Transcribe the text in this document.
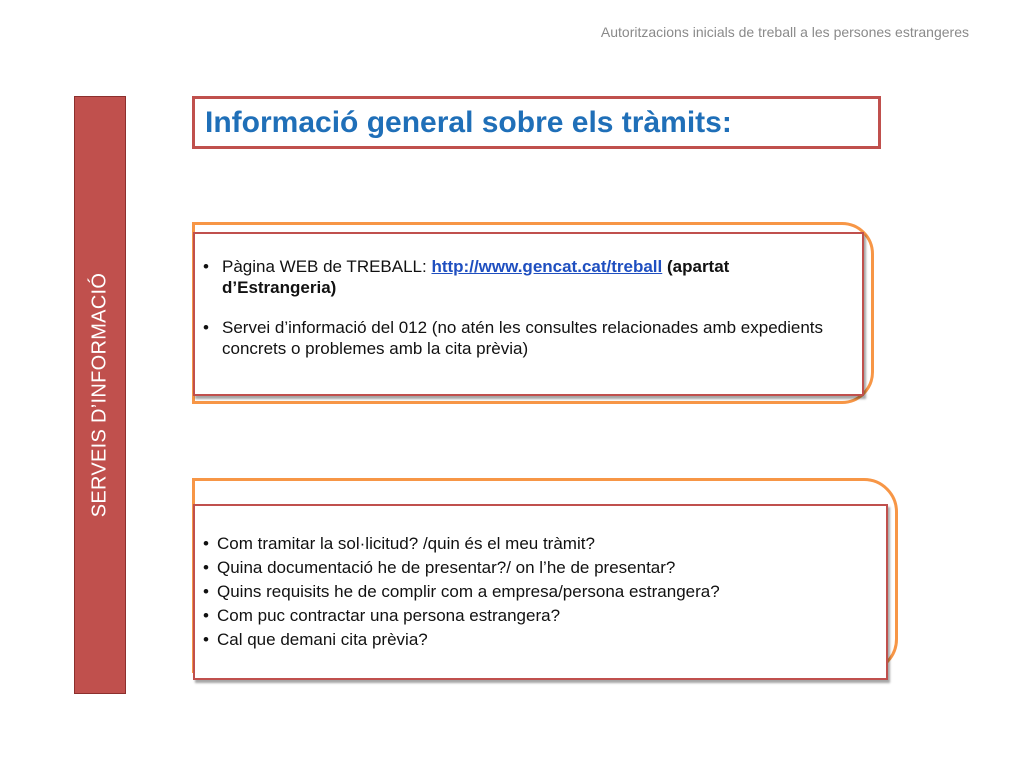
Autoritzacions inicials de treball a les persones estrangeres
SERVEIS D’INFORMACIÓ
Informació general sobre els tràmits:
• Pàgina WEB de TREBALL: http://www.gencat.cat/treball (apartat d’Estrangeria)
• Servei d’informació del 012 (no atén les consultes relacionades amb expedients concrets o problemes amb la cita prèvia)
• Com tramitar la sol·licitud? /quin és el meu tràmit?
• Quina documentació he de presentar?/ on l’he de presentar?
• Quins requisits he de complir com a empresa/persona estrangera?
• Com puc contractar una persona estrangera?
• Cal que demani cita prèvia?
